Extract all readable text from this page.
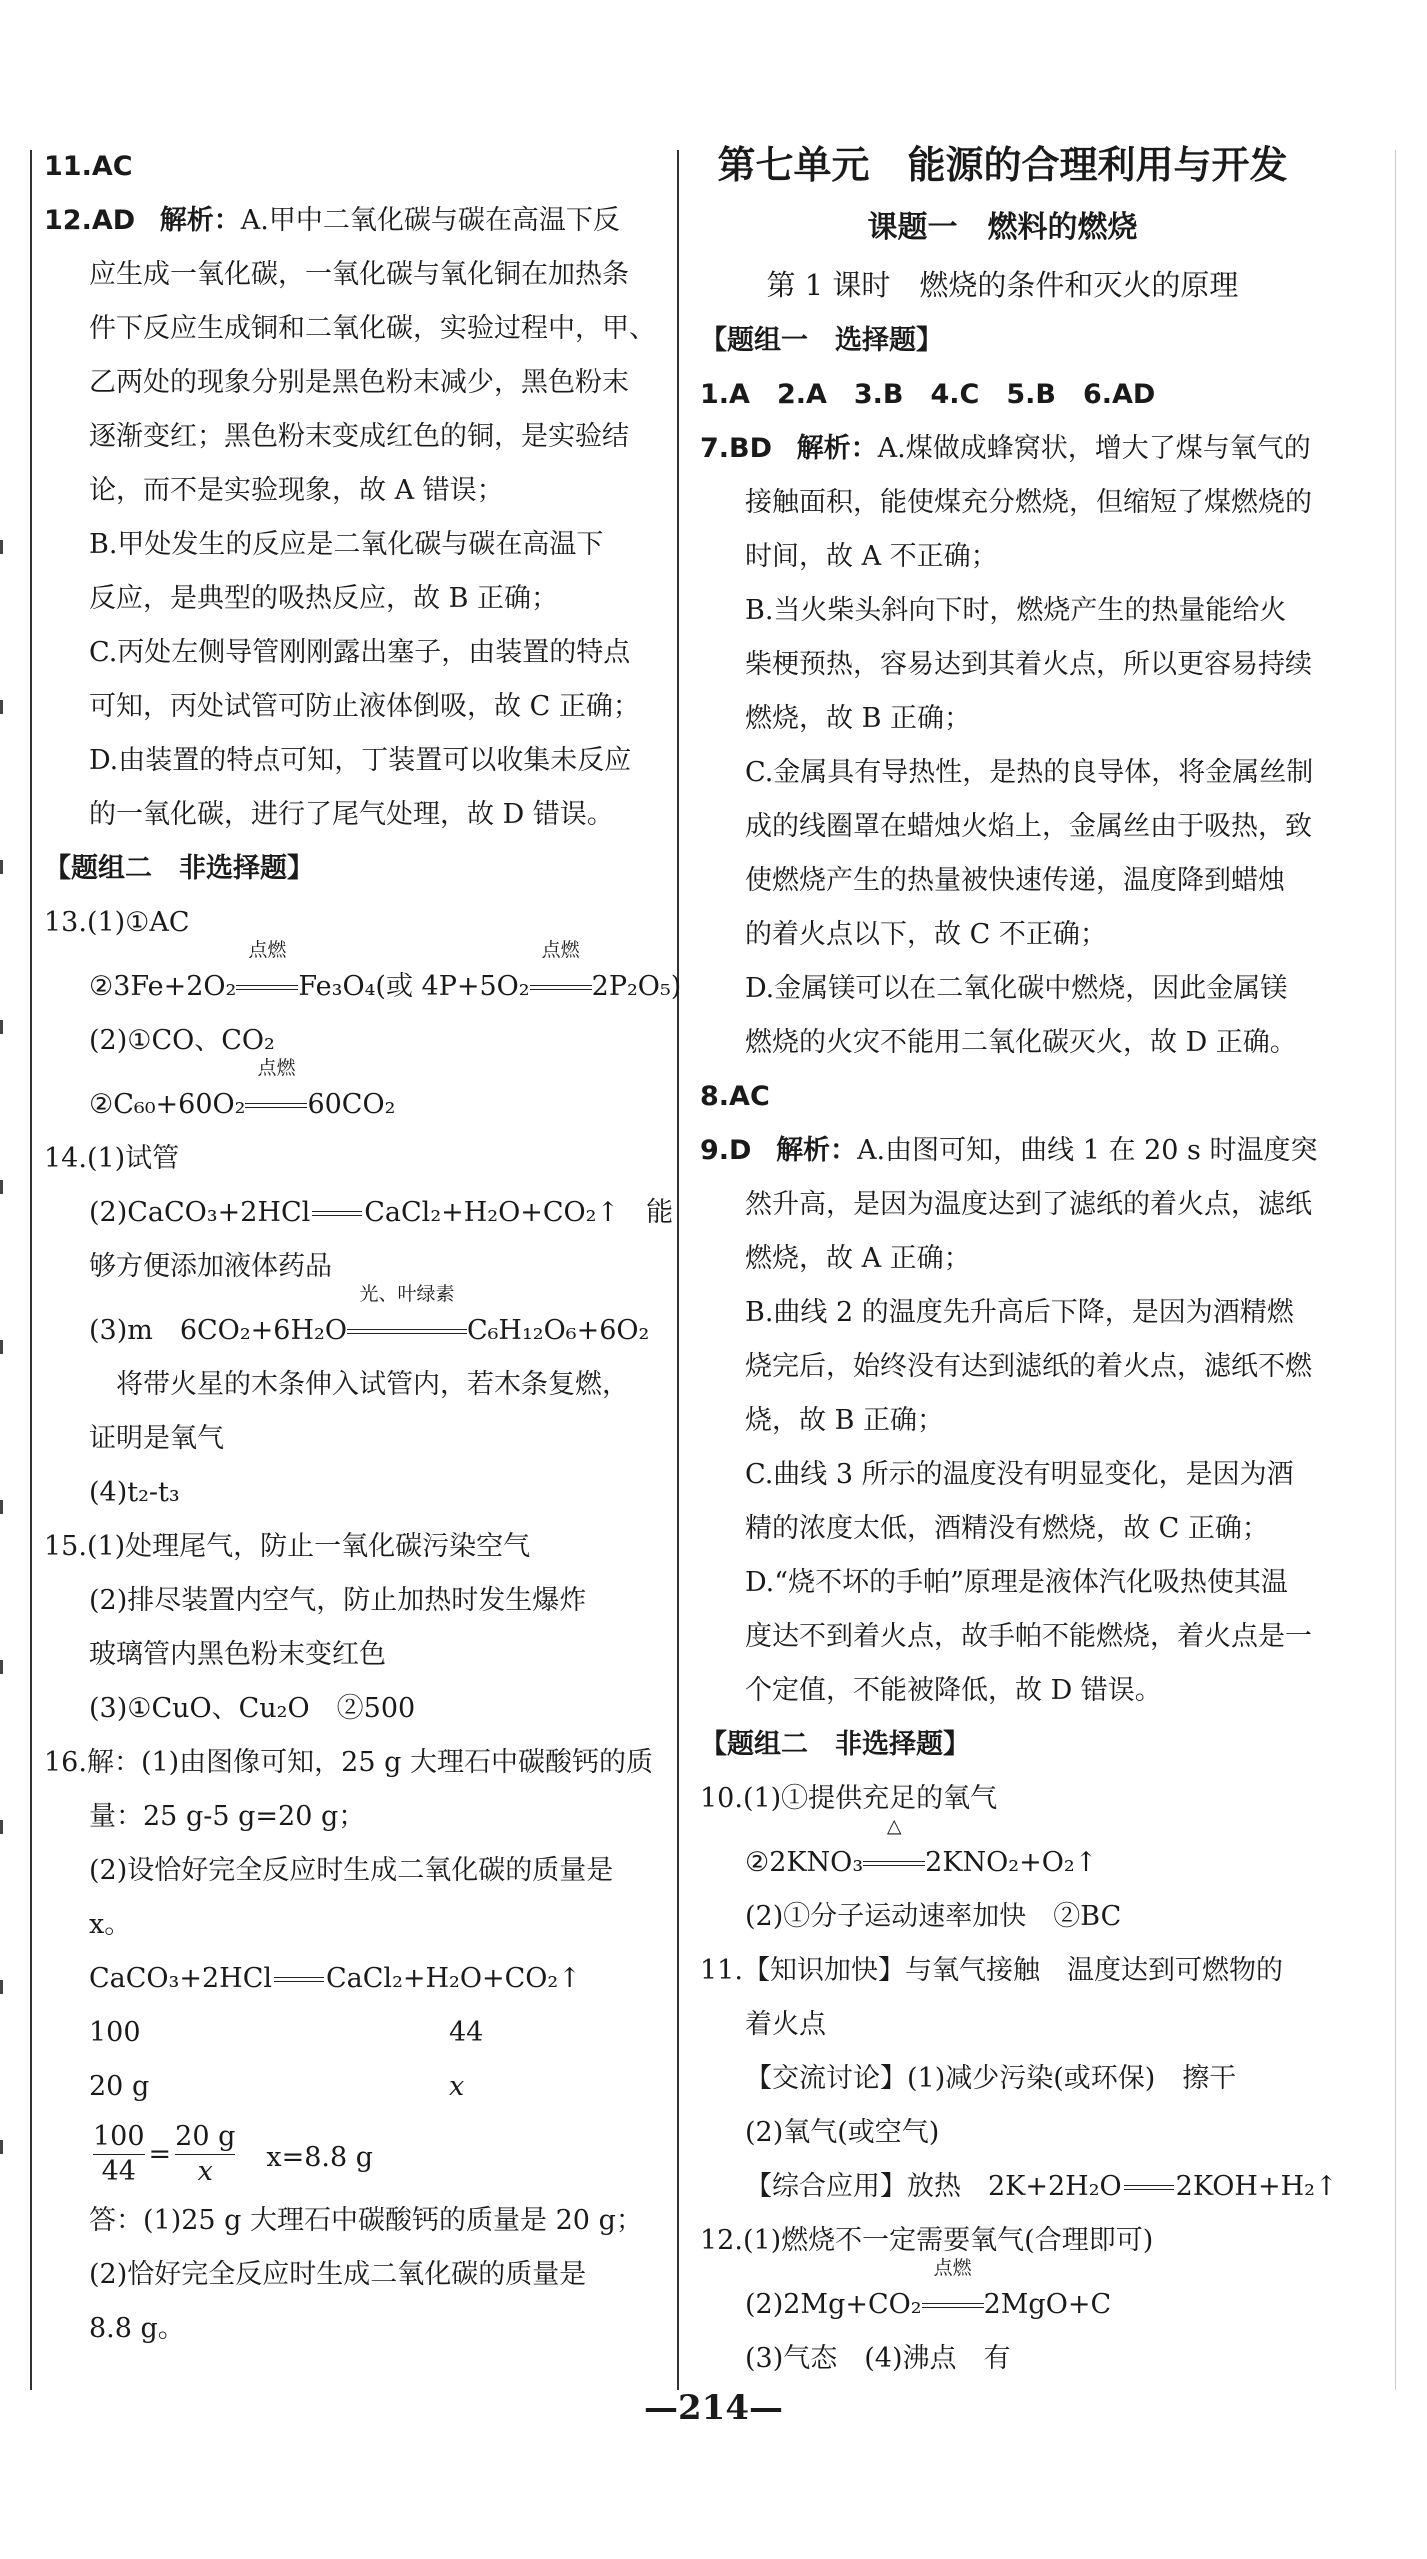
11.AC
12.AD 解析：A.甲中二氧化碳与碳在高温下反
应生成一氧化碳，一氧化碳与氧化铜在加热条
件下反应生成铜和二氧化碳，实验过程中，甲、
乙两处的现象分别是黑色粉末减少，黑色粉末
逐渐变红；黑色粉末变成红色的铜，是实验结
论，而不是实验现象，故 A 错误；
B.甲处发生的反应是二氧化碳与碳在高温下
反应，是典型的吸热反应，故 B 正确；
C.丙处左侧导管刚刚露出塞子，由装置的特点
可知，丙处试管可防止液体倒吸，故 C 正确；
D.由装置的特点可知，丁装置可以收集未反应
的一氧化碳，进行了尾气处理，故 D 错误。
【题组二　非选择题】
13.(1)①AC
②3Fe+2O₂
点燃
Fe₃O₄(或 4P+5O₂
点燃
2P₂O₅)
(2)①CO、CO₂
②C₆₀+60O₂
点燃
60CO₂
14.(1)试管
(2)CaCO₃+2HCl CaCl₂+H₂O+CO₂↑　能
够方便添加液体药品
(3)m　6CO₂+6H₂O
光、叶绿素
C₆H₁₂O₆+6O₂
　将带火星的木条伸入试管内，若木条复燃，
证明是氧气
(4)t₂-t₃
15.(1)处理尾气，防止一氧化碳污染空气
(2)排尽装置内空气，防止加热时发生爆炸
玻璃管内黑色粉末变红色
(3)①CuO、Cu₂O　②500
16.解：(1)由图像可知，25 g 大理石中碳酸钙的质
量：25 g-5 g=20 g；
(2)设恰好完全反应时生成二氧化碳的质量是
x。
CaCO₃+2HCl CaCl₂+H₂O+CO₂↑
100	44
20 g	x
$\frac{100}{44} = \frac{20 g}{x}$ 　x=8.8 g
答：(1)25 g 大理石中碳酸钙的质量是 20 g；
(2)恰好完全反应时生成二氧化碳的质量是
8.8 g。
第七单元　能源的合理利用与开发
课题一　燃料的燃烧
第 1 课时　燃烧的条件和灭火的原理
【题组一　选择题】
1.A　2.A　3.B　4.C　5.B　6.AD
7.BD 解析：A.煤做成蜂窝状，增大了煤与氧气的
接触面积，能使煤充分燃烧，但缩短了煤燃烧的
时间，故 A 不正确；
B.当火柴头斜向下时，燃烧产生的热量能给火
柴梗预热，容易达到其着火点，所以更容易持续
燃烧，故 B 正确；
C.金属具有导热性，是热的良导体，将金属丝制
成的线圈罩在蜡烛火焰上，金属丝由于吸热，致
使燃烧产生的热量被快速传递，温度降到蜡烛
的着火点以下，故 C 不正确；
D.金属镁可以在二氧化碳中燃烧，因此金属镁
燃烧的火灾不能用二氧化碳灭火，故 D 正确。
8.AC
9.D 解析：A.由图可知，曲线 1 在 20 s 时温度突
然升高，是因为温度达到了滤纸的着火点，滤纸
燃烧，故 A 正确；
B.曲线 2 的温度先升高后下降，是因为酒精燃
烧完后，始终没有达到滤纸的着火点，滤纸不燃
烧，故 B 正确；
C.曲线 3 所示的温度没有明显变化，是因为酒
精的浓度太低，酒精没有燃烧，故 C 正确；
D.“烧不坏的手帕”原理是液体汽化吸热使其温
度达不到着火点，故手帕不能燃烧，着火点是一
个定值，不能被降低，故 D 错误。
【题组二　非选择题】
10.(1)①提供充足的氧气
②2KNO₃
△
2KNO₂+O₂↑
(2)①分子运动速率加快　②BC
11.【知识加快】与氧气接触　温度达到可燃物的
着火点
【交流讨论】(1)减少污染(或环保)　擦干
(2)氧气(或空气)
【综合应用】放热　2K+2H₂O 2KOH+H₂↑
12.(1)燃烧不一定需要氧气(合理即可)
(2)2Mg+CO₂
点燃
2MgO+C
(3)气态　(4)沸点　有
—214—
